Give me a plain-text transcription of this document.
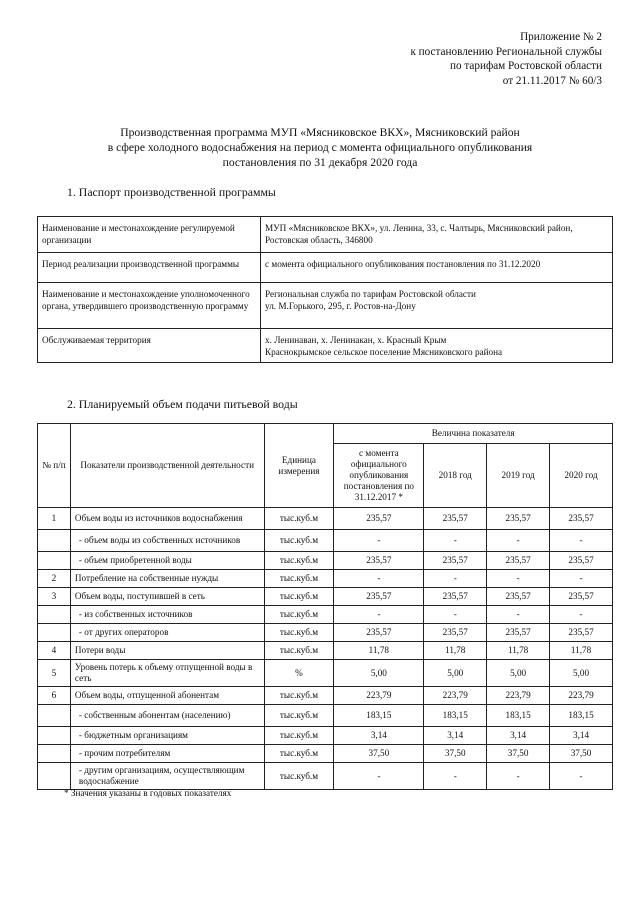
Приложение № 2
к постановлению Региональной службы
по тарифам Ростовской области
от 21.11.2017 № 60/3
Производственная программа МУП «Мясниковское ВКХ», Мясниковский район
в сфере холодного водоснабжения на период с момента официального опубликования
постановления по 31 декабря 2020 года
1. Паспорт производственной программы
Наименование и местонахождение регулируемой организации	МУП «Мясниковское ВКХ», ул. Ленина, 33, с. Чалтырь, Мясниковский район, Ростовская область, 346800

Период реализации производственной программы	с момента официального опубликования постановления по 31.12.2020

Наименование и местонахождение уполномоченного органа, утвердившего производственную программу	Региональная служба по тарифам Ростовской области
ул. М.Горького, 295, г. Ростов-на-Дону

Обслуживаемая территория	х. Ленинаван, х. Ленинакан, х. Красный Крым
Краснокрымское сельское поселение Мясниковского района
2. Планируемый объем подачи питьевой воды
№ п/п	Показатели производственной деятельности	Единица измерения	Величина показателя			
			с момента официального опубликования постановления по 31.12.2017 *	2018 год	2019 год	2020 год
1	Объем воды из источников водоснабжения	тыс.куб.м	235,57	235,57	235,57	235,57
	- объем воды из собственных источников	тыс.куб.м	-	-	-	-
	- объем приобретенной воды	тыс.куб.м	235,57	235,57	235,57	235,57
2	Потребление на собственные нужды	тыс.куб.м	-	-	-	-
3	Объем воды, поступившей в сеть	тыс.куб.м	235,57	235,57	235,57	235,57
	- из собственных источников	тыс.куб.м	-	-	-	-
	- от других операторов	тыс.куб.м	235,57	235,57	235,57	235,57
4	Потери воды	тыс.куб.м	11,78	11,78	11,78	11,78
5	Уровень потерь к объему отпущенной воды в сеть	%	5,00	5,00	5,00	5,00
6	Объем воды, отпущенной абонентам	тыс.куб.м	223,79	223,79	223,79	223,79
	- собственным абонентам (населению)	тыс.куб.м	183,15	183,15	183,15	183,15
	- бюджетным организациям	тыс.куб.м	3,14	3,14	3,14	3,14
	- прочим потребителям	тыс.куб.м	37,50	37,50	37,50	37,50
	- другим организациям, осуществляющим водоснабжение	тыс.куб.м	-	-	-	-
* Значения указаны в годовых показателях
